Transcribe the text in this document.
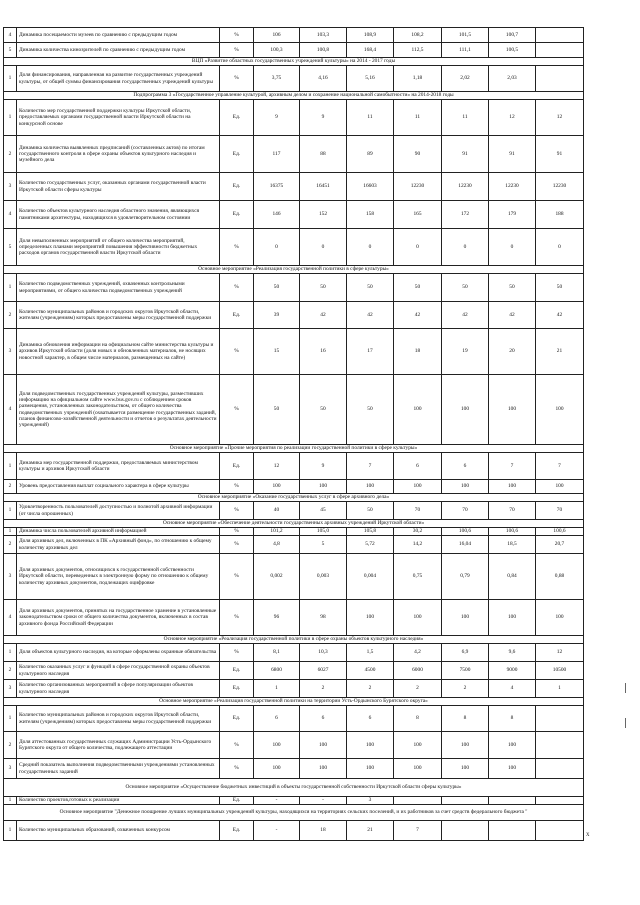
4	Динамика посещаемости музеев по сравнению с предыдущим годом	%	106	103,3	108,9	108,2	101,5	100,7	
5	Динамика количества кинозрителей по сравнению с предыдущим годом	%	100,3	100,8	168,4	112,5	111,1	100,5	
ВЦП «Развитие областных государственных учреждений культуры» на 2014 - 2017 годы									
1	Доля финансирования, направленная на развитие государственных учреждений культуры, от общей суммы финансирования государственных учреждений культуры	%	3,75	4,16	5,16	1,18	2,02	2,03	
Подпрограмма 3 «Государственное управление культурой, архивным делом и сохранение национальной самобытности» на 2014-2018 годы									
1	Количество мер государственной поддержки культуры Иркутской области, предоставляемых органами государственной власти Иркутской области на конкурсной основе	Ед.	9	9	11	11	11	12	12
2	Динамика количества выявленных предписаний (составленных актов) по итогам государственного контроля в сфере охраны объектов культурного наследия и музейного дела	Ед.	117	88	89	90	91	91	91
3	Количество государственных услуг, оказанных органами государственной власти Иркутской области сферы культуры	Ед.	16375	16451	16603	12230	12230	12230	12230
4	Количество объектов культурного наследия областного значения, являющихся памятниками архитектуры, находящихся в удовлетворительном состоянии	Ед.	146	152	158	165	172	179	188
5	Доля невыполненных мероприятий от общего количества мероприятий, определенных планами мероприятий повышения эффективности бюджетных расходов органов государственной власти Иркутской области	%	0	0	0	0	0	0	0
Основное мероприятие «Реализация государственной политики в сфере культуры»									
1	Количество подведомственных учреждений, охваченных контрольными мероприятиями, от общего количества подведомственных учреждений	%	50	50	50	50	50	50	50
2	Количество муниципальных районов и городских округов Иркутской области, жителям (учреждениям) которых предоставлены меры государственной поддержки	Ед.	39	42	42	42	42	42	42
3	Динамика обновления информации на официальном сайте министерства культуры и архивов Иркутской области (доля новых и обновленных материалов, не носящих новостной характер, в общем числе материалов, размещенных на сайте)	%	15	16	17	18	19	20	21
4	Доля подведомственных государственных учреждений культуры, разместивших информацию на официальном сайте www.bus.gov.ru с соблюдением сроков размещения, установленных законодательством, от общего количества подведомственных учреждений (охватывается размещение государственных заданий, планов финансово-хозяйственной деятельности и отчетов о результатах деятельности учреждений)	%	50	50	50	100	100	100	100
Основное мероприятие «Прочие мероприятия по реализации государственной политики в сфере культуры»									
1	Динамика мер государственной поддержки, предоставляемых министерством культуры и архивов Иркутской области	Ед.	12	9	7	6	6	7	7
2	Уровень предоставления выплат социального характера в сфере культуры	%	100	100	100	100	100	100	100
Основное мероприятие «Оказание государственных услуг в сфере архивного дела»									
1	Удовлетворенность пользователей доступностью и полнотой архивной информации (от числа опрошенных)	%	40	45	50	70	70	70	70
Основное мероприятие «Обеспечение деятельности государственных архивных учреждений Иркутской области»									
1	Динамика числа пользователей архивной информацией	%	101,2	105,0	105,8	30,2	100,6	100,6	100,6
2	Доля архивных дел, включенных в ПК «Архивный фонд», по отношению к общему количеству архивных дел	%	4,8	5	5,72	14,2	16,04	18,5	20,7
3	Доля архивных документов, относящихся к государственной собственности Иркутской области, переведенных в электронную форму по отношению к общему количеству архивных документов, подлежащих оцифровке	%	0,002	0,003	0,004	0,75	0,79	0,84	0,88
4	Доля архивных документов, принятых на государственное хранение в установленные законодательством сроки от общего количества документов, включенных в состав архивного фонда Российской Федерации	%	96	98	100	100	100	100	100
Основное мероприятие «Реализация государственной политики в сфере охраны объектов культурного наследия»									
1	Доля объектов культурного наследия, на которые оформлены охранные обязательства	%	8,1	10,3	1,5	4,2	6,9	9,6	12
2	Количество оказанных услуг и функций в сфере государственной охраны объектов культурного наследия	Ед.	6800	6027	4500	6000	7500	9000	10500
3	Количество организованных мероприятий в сфере популяризации объектов культурного наследия	Ед.	1	2	2	2	2	4	1
Основное мероприятие «Реализация государственной политики на территории Усть-Ордынского Бурятского округа»									
1	Количество муниципальных районов и городских округов Иркутской области, жителям (учреждениям) которых предоставлены меры государственной поддержки	Ед.	6	6	6	8	8	8	
2	Доля аттестованных государственных служащих Администрации Усть-Ордынского Бурятского округа от общего количества, подлежащего аттестации	%	100	100	100	100	100	100	
3	Средний показатель выполнения подведомственными учреждениями установленных государственных заданий	%	100	100	100	100	100	100	
Основное мероприятие «Осуществление бюджетных инвестиций в объекты государственной собственности Иркутской области сферы культуры»									
1	Количество проектов,готовых к реализации	Ед.	-	-	3				
Основное мероприятие "Денежное поощрение лучших муниципальных учреждений культуры, находящихся на территориях сельских поселений, и их работников за счет средств федерального бюджета "									
1	Количество муниципальных образований, охваченных конкурсом	Ед.	-	18	21	7				х
